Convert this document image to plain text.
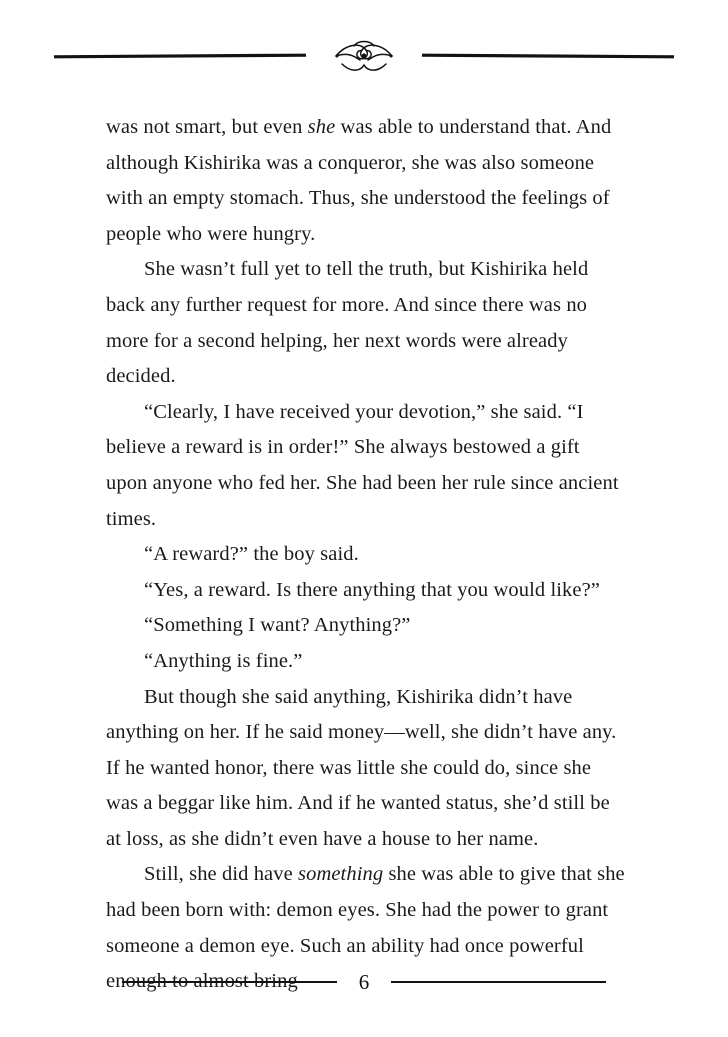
was not smart, but even she was able to understand that. And although Kishirika was a conqueror, she was also someone with an empty stomach. Thus, she understood the feelings of people who were hungry.

She wasn’t full yet to tell the truth, but Kishirika held back any further request for more. And since there was no more for a second helping, her next words were already decided.

“Clearly, I have received your devotion,” she said. “I believe a reward is in order!” She always bestowed a gift upon anyone who fed her. She had been her rule since ancient times.

“A reward?” the boy said.

“Yes, a reward. Is there anything that you would like?”

“Something I want? Anything?”

“Anything is fine.”

But though she said anything, Kishirika didn’t have anything on her. If he said money—well, she didn’t have any. If he wanted honor, there was little she could do, since she was a beggar like him. And if he wanted status, she’d still be at loss, as she didn’t even have a house to her name.

Still, she did have something she was able to give that she had been born with: demon eyes. She had the power to grant someone a demon eye. Such an ability had once powerful enough to almost bring	6
